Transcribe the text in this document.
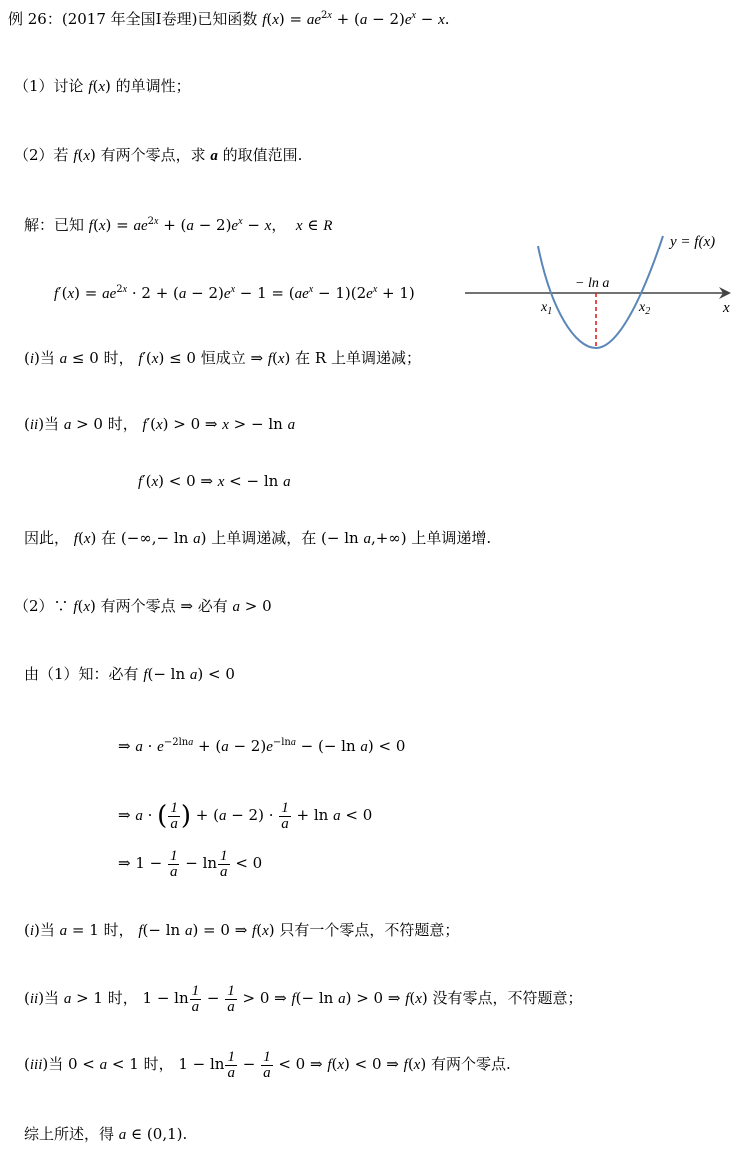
例 26：(2017 年全国Ⅰ卷理)已知函数 $f(x) = ae^{2x} + (a - 2)e^x - x$.
（1）讨论 f(x) 的单调性；
（2）若 f(x) 有两个零点，求 a 的取值范围.
解：已知 $f(x) = ae^{2x} + (a - 2)e^x - x$，  x ∈ R
$f'(x) = ae^{2x} \cdot 2 + (a - 2)e^x - 1 = (ae^x - 1)(2e^x + 1)$
(i)当 a ≤ 0 时， f′(x) ≤ 0 恒成立 ⇒ f(x) 在 R 上单调递减；
(ii)当 a > 0 时， f′(x) > 0 ⇒ x > − ln a
f′(x) < 0 ⇒ x < − ln a
因此， f(x) 在 (−∞,− ln a) 上单调递减，在 (− ln a,+∞) 上单调递增.
（2）∵ f(x) 有两个零点 ⇒ 必有 a > 0
由（1）知：必有 f(− ln a) < 0
⇒ $a \cdot e^{-2lna} + (a - 2)e^{-lna}$ − (− ln a) < 0
⇒ a · ( $\frac{1}{a}$ ) + $(a - 2) \cdot \frac{1}{a} + \ln a < 0$
⇒ $1 - \frac{1}{a} - \ln \frac{1}{a} < 0$
(i)当 a = 1 时， f(− ln a) = 0 ⇒ f(x) 只有一个零点，不符题意；
(ii)当 a > 1 时， $1 - \ln \frac{1}{a} - \frac{1}{a} > 0$ ⇒ f(− ln a) > 0 ⇒ f(x) 没有零点，不符题意；
(iii)当 0 < a < 1 时， $1 - \ln \frac{1}{a} - \frac{1}{a} < 0$ ⇒ f(x) < 0 ⇒ f(x) 有两个零点.
综上所述，得 a ∈ (0,1).
y = f(x)
x
− ln a
$x_1$	$x_2$
